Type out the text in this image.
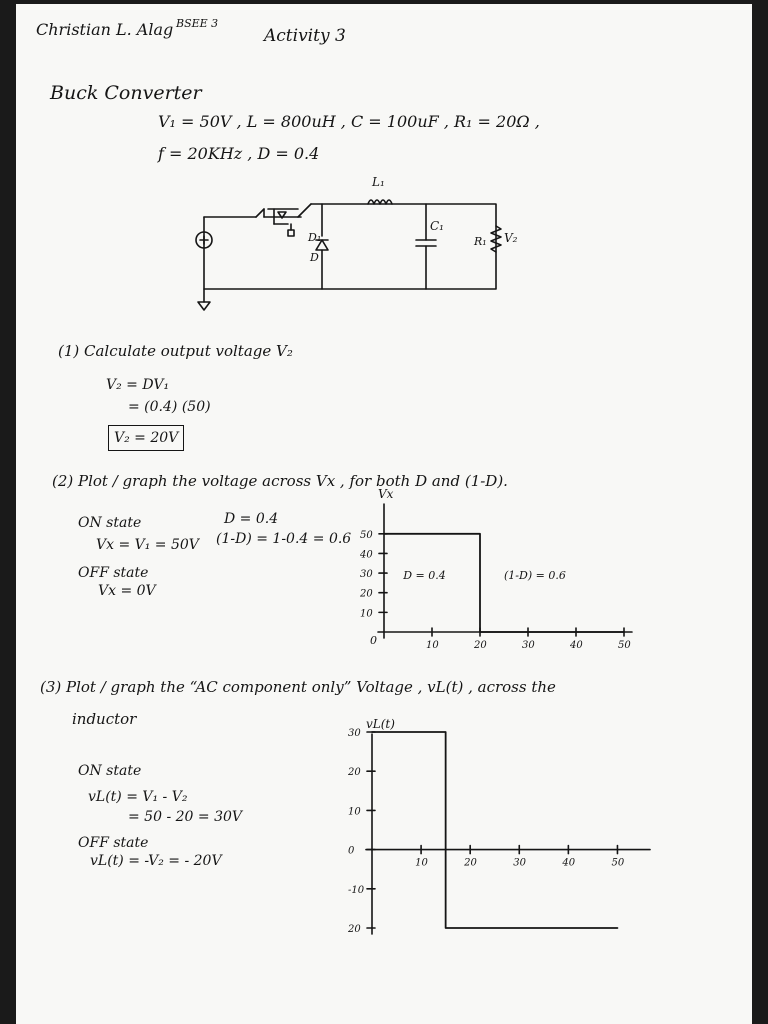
Christian L. Alag BSEE 3
Activity 3
Buck Converter
V₁ = 50V , L = 800uH , C = 100uF , R₁ = 20Ω ,
f = 20KHz , D = 0.4
L₁
C₁
D₁
D
R₁ V₂
(1) Calculate output voltage V₂
V₂ = DV₁
= (0.4) (50)
V₂ = 20V
(2) Plot / graph the voltage across Vx , for both D and (1-D).
ON state
Vx = V₁ = 50V
OFF state
Vx = 0V
D = 0.4
(1-D) = 1-0.4 = 0.6
(3) Plot / graph the “AC component only” Voltage , vL(t) , across the
inductor
ON state
vL(t) = V₁ - V₂
= 50 - 20 = 30V
OFF state
vL(t) = -V₂ = - 20V
Vx
10	20	30	40	50
10
20
30
40
50
0
D = 0.4	(1-D) = 0.6
vL(t)
10	20	30	40	50
30
20
10
0
-10
20
